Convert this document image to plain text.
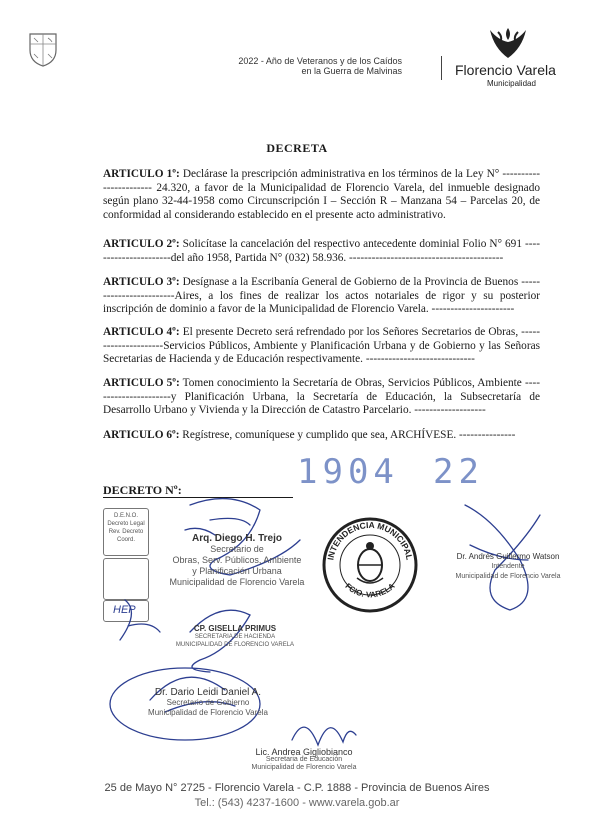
2022 - Año de Veteranos y de los Caídos
en la Guerra de Malvinas	Florencio Varela
Municipalidad
DECRETA
ARTICULO 1º: Declárase la prescripción administrativa en los términos de la Ley N° ----------------------- 24.320, a favor de la Municipalidad de Florencio Varela, del inmueble designado según plano 32-44-1958 como Circunscripción I – Sección R – Manzana 54 – Parcelas 20, de conformidad al considerando establecido en el presente acto administrativo.
ARTICULO 2º: Solicítase la cancelación del respectivo antecedente dominial Folio N° 691 ----------------------del año 1958, Partida N° (032) 58.936. -----------------------------------------
ARTICULO 3º: Desígnase a la Escribanía General de Gobierno de la Provincia de Buenos ------------------------Aires, a los fines de realizar los actos notariales de rigor y su posterior inscripción de dominio a favor de la Municipalidad de Florencio Varela. ----------------------
ARTICULO 4º: El presente Decreto será refrendado por los Señores Secretarios de Obras, ---------------------Servicios Públicos, Ambiente y Planificación Urbana y de Gobierno y las Señoras Secretarias de Hacienda y de Educación respectivamente. -----------------------------
ARTICULO 5º: Tomen conocimiento la Secretaría de Obras, Servicios Públicos, Ambiente ----------------------y Planificación Urbana, la Secretaría de Educación, la Subsecretaría de Desarrollo Urbano y Vivienda y la Dirección de Catastro Parcelario. -------------------
ARTICULO 6º: Regístrese, comuníquese y cumplido que sea, ARCHÍVESE. ---------------
1904 22
DECRETO Nº:
D.E.N.O.
Decreto Legal
Rev. Decreto
Coord.
HEP
Arq. Diego H. Trejo
Secretario de
Obras, Serv. Públicos, Ambiente
y Planificación Urbana
Municipalidad de Florencio Varela
CP. GISELLA PRIMUS
SECRETARIA DE HACIENDA
MUNICIPALIDAD DE FLORENCIO VARELA
Dr. Andrés Guillermo Watson
Intendente
Municipalidad de Florencio Varela
Dr. Dario Leidi Daniel A.
Secretario de Gobierno
Municipalidad de Florencio Varela
Lic. Andrea Gigliobianco
Secretaria de Educación
Municipalidad de Florencio Varela
INTENDENCIA MUNICIPAL
FCIO. VARELA
25 de Mayo N° 2725 - Florencio Varela - C.P. 1888 - Provincia de Buenos Aires
Tel.: (543) 4237-1600 - www.varela.gob.ar
